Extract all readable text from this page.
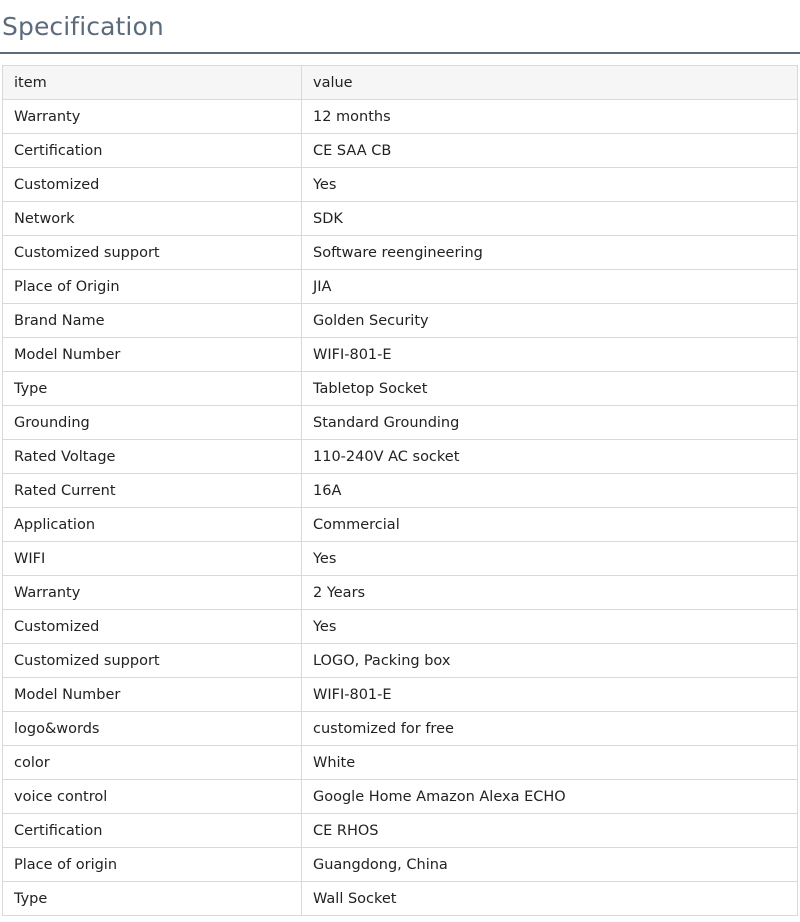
Specification
item	value
Warranty	12 months
Certification	CE SAA CB
Customized	Yes
Network	SDK
Customized support	Software reengineering
Place of Origin	JIA
Brand Name	Golden Security
Model Number	WIFI-801-E
Type	Tabletop Socket
Grounding	Standard Grounding
Rated Voltage	110-240V AC socket
Rated Current	16A
Application	Commercial
WIFI	Yes
Warranty	2 Years
Customized	Yes
Customized support	LOGO, Packing box
Model Number	WIFI-801-E
logo&words	customized for free
color	White
voice control	Google Home Amazon Alexa ECHO
Certification	CE RHOS
Place of origin	Guangdong, China
Type	Wall Socket
